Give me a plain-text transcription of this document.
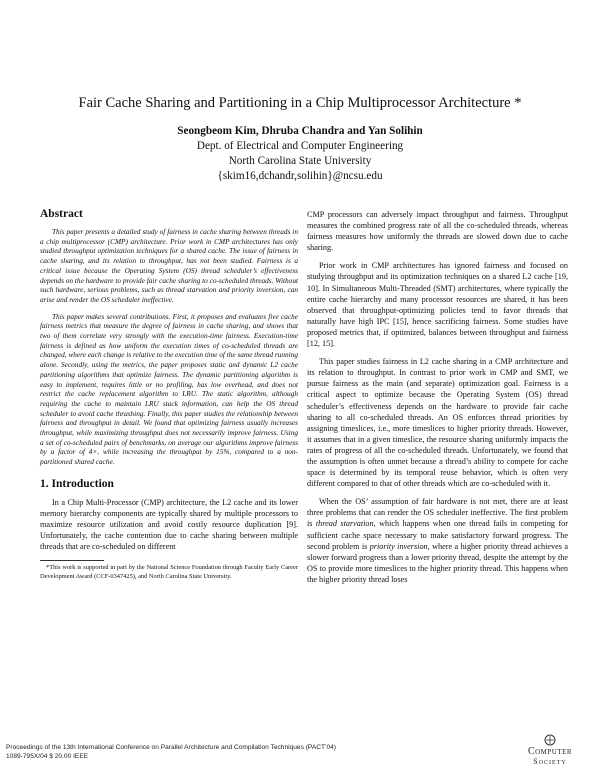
Fair Cache Sharing and Partitioning in a Chip Multiprocessor Architecture *
Seongbeom Kim, Dhruba Chandra and Yan Solihin
Dept. of Electrical and Computer Engineering
North Carolina State University
{skim16,dchandr,solihin}@ncsu.edu
Abstract

This paper presents a detailed study of fairness in cache sharing between threads in a chip multiprocessor (CMP) architecture. Prior work in CMP architectures has only studied throughput optimization techniques for a shared cache. The issue of fairness in cache sharing, and its relation to throughput, has not been studied. Fairness is a critical issue because the Operating System (OS) thread scheduler’s effectiveness depends on the hardware to provide fair cache sharing to co-scheduled threads. Without such hardware, serious problems, such as thread starvation and priority inversion, can arise and render the OS scheduler ineffective.

This paper makes several contributions. First, it proposes and evaluates five cache fairness metrics that measure the degree of fairness in cache sharing, and shows that two of them correlate very strongly with the execution-time fairness. Execution-time fairness is defined as how uniform the execution times of co-scheduled threads are changed, where each change is relative to the execution time of the same thread running alone. Secondly, using the metrics, the paper proposes static and dynamic L2 cache partitioning algorithms that optimize fairness. The dynamic partitioning algorithm is easy to implement, requires little or no profiling, has low overhead, and does not restrict the cache replacement algorithm to LRU. The static algorithm, although requiring the cache to maintain LRU stack information, can help the OS thread scheduler to avoid cache thrashing. Finally, this paper studies the relationship between fairness and throughput in detail. We found that optimizing fairness usually increases throughput, while maximizing throughput does not necessarily improve fairness. Using a set of co-scheduled pairs of benchmarks, on average our algorithms improve fairness by a factor of 4×, while increasing the throughput by 15%, compared to a non-partitioned shared cache.

1. Introduction

In a Chip Multi-Processor (CMP) architecture, the L2 cache and its lower memory hierarchy components are typically shared by multiple processors to maximize resource utilization and avoid costly resource duplication [9]. Unfortunately, the cache contention due to cache sharing between multiple threads that are co-scheduled on different

*This work is supported in part by the National Science Foundation through Faculty Early Career Development Award (CCF-0347425), and North Carolina State University.

CMP processors can adversely impact throughput and fairness. Throughput measures the combined progress rate of all the co-scheduled threads, whereas fairness measures how uniformly the threads are slowed down due to cache sharing.

Prior work in CMP architectures has ignored fairness and focused on studying throughput and its optimization techniques on a shared L2 cache [19, 10]. In Simultaneous Multi-Threaded (SMT) architectures, where typically the entire cache hierarchy and many processor resources are shared, it has been observed that throughput-optimizing policies tend to favor threads that naturally have high IPC [15], hence sacrificing fairness. Some studies have proposed metrics that, if optimized, balances between throughput and fairness [12, 15].

This paper studies fairness in L2 cache sharing in a CMP architecture and its relation to throughput. In contrast to prior work in CMP and SMT, we pursue fairness as the main (and separate) optimization goal. Fairness is a critical aspect to optimize because the Operating System (OS) thread scheduler’s effectiveness depends on the hardware to provide fair cache sharing to all co-scheduled threads. An OS enforces thread priorities by assigning timeslices, i.e., more timeslices to higher priority threads. However, it assumes that in a given timeslice, the resource sharing uniformly impacts the rates of progress of all the co-scheduled threads. Unfortunately, we found that the assumption is often unmet because a thread’s ability to compete for cache space is determined by its temporal reuse behavior, which is often very different compared to that of other threads which are co-scheduled with it.

When the OS’ assumption of fair hardware is not met, there are at least three problems that can render the OS scheduler ineffective. The first problem is thread starvation, which happens when one thread fails in competing for sufficient cache space necessary to make satisfactory forward progress. The second problem is priority inversion, where a higher priority thread achieves a slower forward progress than a lower priority thread, despite the attempt by the OS to provide more timeslices to the higher priority thread. This happens when the higher priority thread loses

Proceedings of the 13th International Conference on Parallel Architecture and Compilation Techniques (PACT’04)
1089-795X/04 $ 20.00 IEEE	Computer
Society
